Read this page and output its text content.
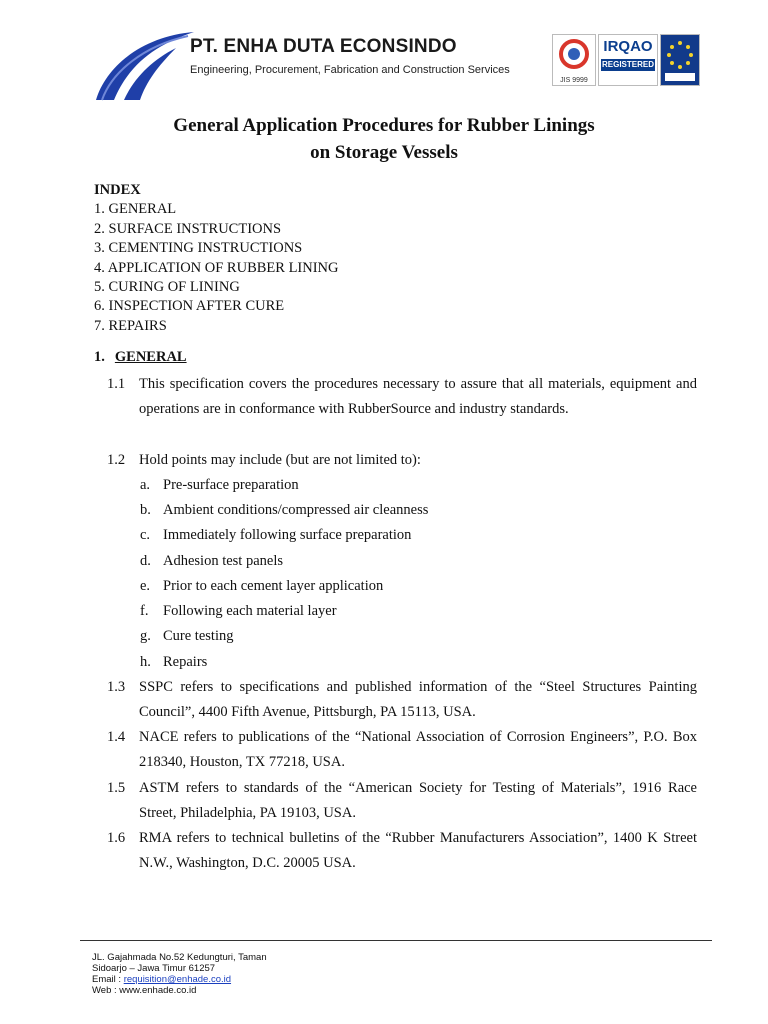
PT. ENHA DUTA ECONSINDO
Engineering, Procurement, Fabrication and Construction Services
JIS 9999
IRQAO
REGISTERED
General Application Procedures for Rubber Linings
on Storage Vessels
INDEX
1. GENERAL
2. SURFACE INSTRUCTIONS
3. CEMENTING INSTRUCTIONS
4. APPLICATION OF RUBBER LINING
5. CURING OF LINING
6. INSPECTION AFTER CURE
7. REPAIRS
1. GENERAL
1.1 This specification covers the procedures necessary to assure that all materials, equipment and operations are in conformance with RubberSource and industry standards.
1.2 Hold points may include (but are not limited to):
a. Pre-surface preparation
b. Ambient conditions/compressed air cleanness
c. Immediately following surface preparation
d. Adhesion test panels
e. Prior to each cement layer application
f. Following each material layer
g. Cure testing
h. Repairs
1.3 SSPC refers to specifications and published information of the “Steel Structures Painting Council”, 4400 Fifth Avenue, Pittsburgh, PA 15113, USA.
1.4 NACE refers to publications of the “National Association of Corrosion Engineers”, P.O. Box 218340, Houston, TX 77218, USA.
1.5 ASTM refers to standards of the “American Society for Testing of Materials”, 1916 Race Street, Philadelphia, PA 19103, USA.
1.6 RMA refers to technical bulletins of the “Rubber Manufacturers Association”, 1400 K Street N.W., Washington, D.C. 20005 USA.
JL. Gajahmada No.52 Kedungturi, Taman
Sidoarjo – Jawa Timur 61257
Email : requisition@enhade.co.id
Web : www.enhade.co.id
